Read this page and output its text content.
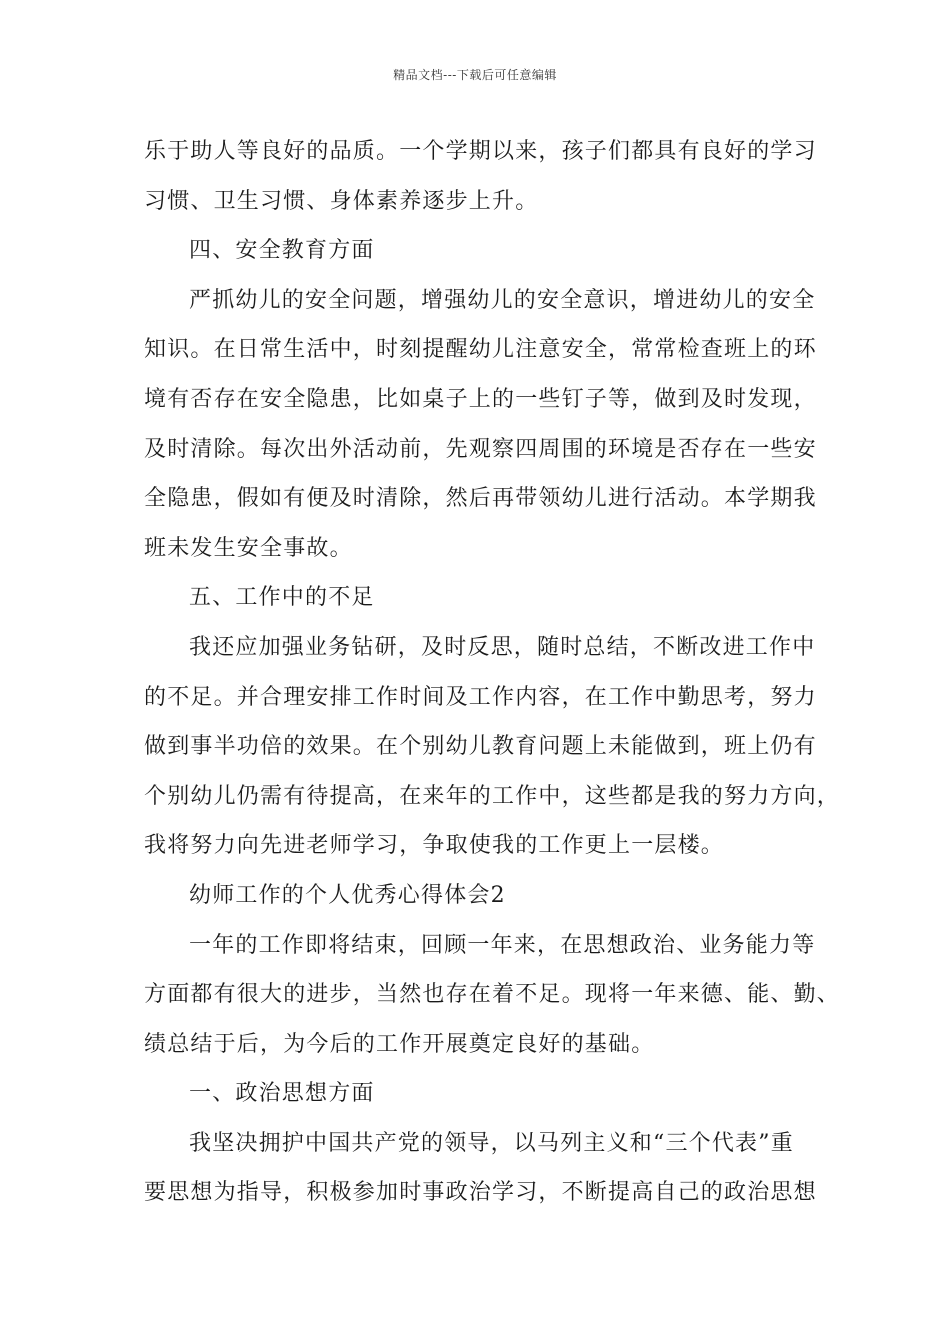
精品文档---下载后可任意编辑
乐于助人等良好的品质。一个学期以来，孩子们都具有良好的学习
习惯、卫生习惯、身体素养逐步上升。
四、安全教育方面
严抓幼儿的安全问题，增强幼儿的安全意识，增进幼儿的安全
知识。在日常生活中，时刻提醒幼儿注意安全，常常检查班上的环
境有否存在安全隐患，比如桌子上的一些钉子等，做到及时发现，
及时清除。每次出外活动前，先观察四周围的环境是否存在一些安
全隐患，假如有便及时清除，然后再带领幼儿进行活动。本学期我
班未发生安全事故。
五、工作中的不足
我还应加强业务钻研，及时反思，随时总结，不断改进工作中
的不足。并合理安排工作时间及工作内容，在工作中勤思考，努力
做到事半功倍的效果。在个别幼儿教育问题上未能做到，班上仍有
个别幼儿仍需有待提高，在来年的工作中，这些都是我的努力方向，
我将努力向先进老师学习，争取使我的工作更上一层楼。
幼师工作的个人优秀心得体会2
一年的工作即将结束，回顾一年来，在思想政治、业务能力等
方面都有很大的进步，当然也存在着不足。现将一年来德、能、勤、
绩总结于后，为今后的工作开展奠定良好的基础。
一、政治思想方面
我坚决拥护中国共产党的领导，以马列主义和“三个代表”重
要思想为指导，积极参加时事政治学习，不断提高自己的政治思想
